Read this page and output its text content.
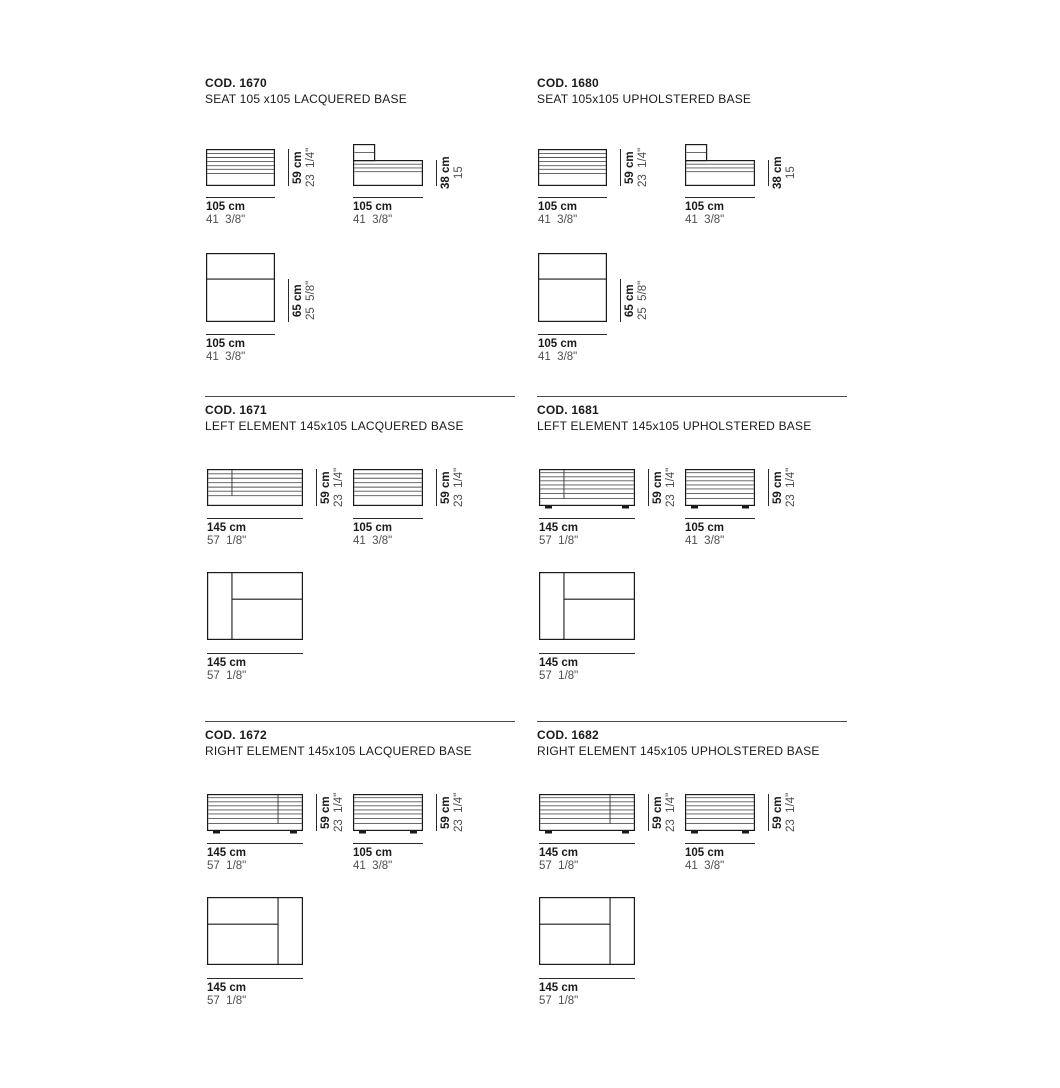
COD. 1670
SEAT 105 x105 LACQUERED BASE
59 cm 23  1/4"
105 cm
41  3/8"
38 cm 15
105 cm
41  3/8"
65 cm 25  5/8"
105 cm
41  3/8"
COD. 1680
SEAT 105x105 UPHOLSTERED BASE
59 cm 23  1/4"
105 cm
41  3/8"
38 cm 15
105 cm
41  3/8"
65 cm 25  5/8"
105 cm
41  3/8"
COD. 1671
LEFT ELEMENT 145x105 LACQUERED BASE
59 cm 23  1/4"
145 cm
57  1/8"
59 cm 23  1/4"
105 cm
41  3/8"
145 cm
57  1/8"
COD. 1681
LEFT ELEMENT 145x105 UPHOLSTERED BASE
59 cm 23  1/4"
145 cm
57  1/8"
59 cm 23  1/4"
105 cm
41  3/8"
145 cm
57  1/8"
COD. 1672
RIGHT ELEMENT 145x105 LACQUERED BASE
59 cm 23  1/4"
145 cm
57  1/8"
59 cm 23  1/4"
105 cm
41  3/8"
145 cm
57  1/8"
COD. 1682
RIGHT ELEMENT 145x105 UPHOLSTERED BASE
59 cm 23  1/4"
145 cm
57  1/8"
59 cm 23  1/4"
105 cm
41  3/8"
145 cm
57  1/8"
